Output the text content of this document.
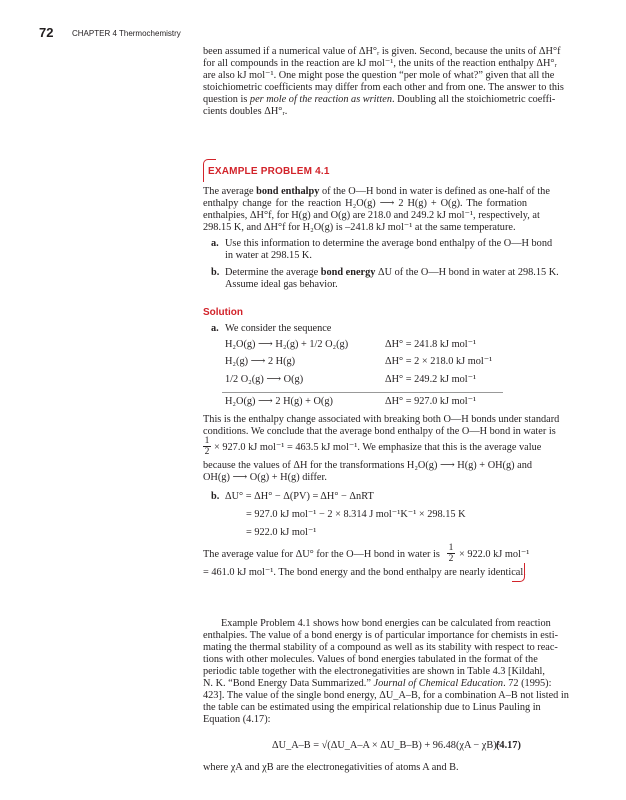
72 CHAPTER 4 Thermochemistry
been assumed if a numerical value of ΔH°ᵣ is given. Second, because the units of ΔH°f
for all compounds in the reaction are kJ mol⁻¹, the units of the reaction enthalpy ΔH°ᵣ
are also kJ mol⁻¹. One might pose the question “per mole of what?” given that all the
stoichiometric coefficients may differ from each other and from one. The answer to this
question is per mole of the reaction as written. Doubling all the stoichiometric coeffi-
cients doubles ΔH°ᵣ.
EXAMPLE PROBLEM 4.1
The average bond enthalpy of the O—H bond in water is defined as one-half of the
enthalpy change for the reaction H₂O(g) ⟶ 2 H(g) + O(g). The formation
enthalpies, ΔH°f, for H(g) and O(g) are 218.0 and 249.2 kJ mol⁻¹, respectively, at
298.15 K, and ΔH°f for H₂O(g) is –241.8 kJ mol⁻¹ at the same temperature.
a. Use this information to determine the average bond enthalpy of the O—H bond
in water at 298.15 K.
b. Determine the average bond energy ΔU of the O—H bond in water at 298.15 K.
Assume ideal gas behavior.
Solution
a. We consider the sequence
H₂O(g) ⟶ H₂(g) + 1/2 O₂(g)	ΔH° = 241.8 kJ mol⁻¹
H₂(g) ⟶ 2 H(g)	ΔH° = 2 × 218.0 kJ mol⁻¹
1/2 O₂(g) ⟶ O(g)	ΔH° = 249.2 kJ mol⁻¹
H₂O(g) ⟶ 2 H(g) + O(g)	ΔH° = 927.0 kJ mol⁻¹
This is the enthalpy change associated with breaking both O—H bonds under standard
conditions. We conclude that the average bond enthalpy of the O—H bond in water is
1
2 × 927.0 kJ mol⁻¹ = 463.5 kJ mol⁻¹. We emphasize that this is the average value
because the values of ΔH for the transformations H₂O(g) ⟶ H(g) + OH(g) and
OH(g) ⟶ O(g) + H(g) differ.
b. ΔU° = ΔH° − Δ(PV) = ΔH° − ΔnRT
= 927.0 kJ mol⁻¹ − 2 × 8.314 J mol⁻¹K⁻¹ × 298.15 K
= 922.0 kJ mol⁻¹
The average value for ΔU° for the O—H bond in water is
1
2 × 922.0 kJ mol⁻¹
= 461.0 kJ mol⁻¹. The bond energy and the bond enthalpy are nearly identical.
Example Problem 4.1 shows how bond energies can be calculated from reaction
enthalpies. The value of a bond energy is of particular importance for chemists in esti-
mating the thermal stability of a compound as well as its stability with respect to reac-
tions with other molecules. Values of bond energies tabulated in the format of the
periodic table together with the electronegativities are shown in Table 4.3 [Kildahl,
N. K. “Bond Energy Data Summarized.” Journal of Chemical Education. 72 (1995):
423]. The value of the single bond energy, ΔU_A–B, for a combination A–B not listed in
the table can be estimated using the empirical relationship due to Linus Pauling in
Equation (4.17):
ΔU_A–B = √(ΔU_A–A × ΔU_B–B) + 96.48(χA − χB)²
(4.17)
where χA and χB are the electronegativities of atoms A and B.
